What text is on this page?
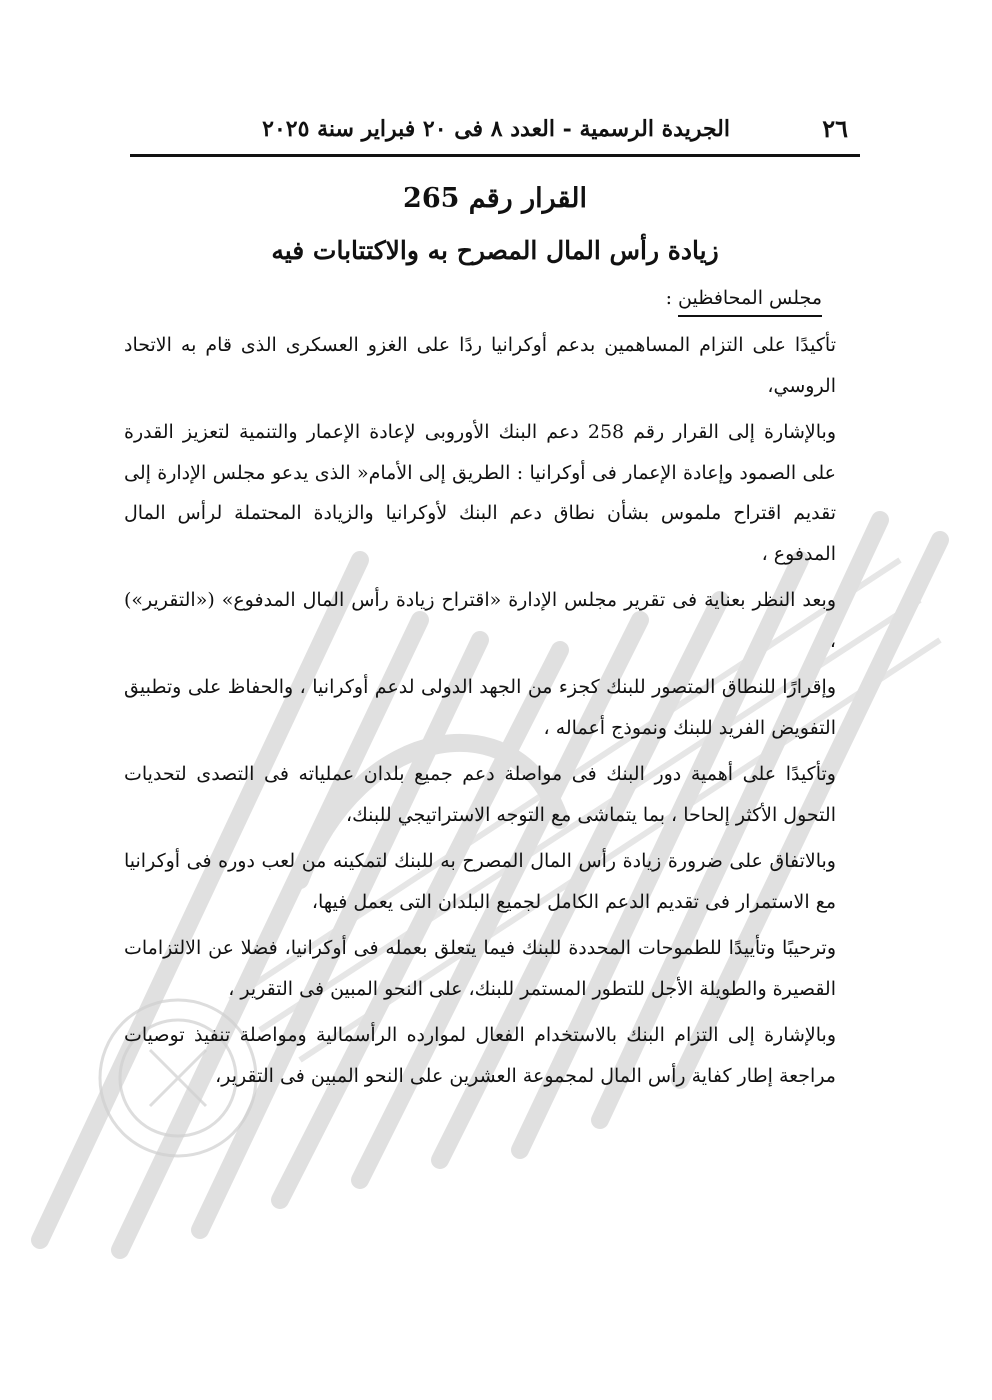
٢٦
الجريدة الرسمية - العدد ٨ فى ٢٠ فبراير سنة ٢٠٢٥
القرار رقم 265
زيادة رأس المال المصرح به والاكتتابات فيه
مجلس المحافظين :

تأكيدًا على التزام المساهمين بدعم أوكرانيا ردًا على الغزو العسكرى الذى قام به الاتحاد الروسي،

وبالإشارة إلى القرار رقم 258 دعم البنك الأوروبى لإعادة الإعمار والتنمية لتعزيز القدرة على الصمود وإعادة الإعمار فى أوكرانيا : الطريق إلى الأمام« الذى يدعو مجلس الإدارة إلى تقديم اقتراح ملموس بشأن نطاق دعم البنك لأوكرانيا والزيادة المحتملة لرأس المال المدفوع ،

وبعد النظر بعناية فى تقرير مجلس الإدارة «اقتراح زيادة رأس المال المدفوع» («التقرير») ،

وإقرارًا للنطاق المتصور للبنك كجزء من الجهد الدولى لدعم أوكرانيا ، والحفاظ على وتطبيق التفويض الفريد للبنك ونموذج أعماله ،

وتأكيدًا على أهمية دور البنك فى مواصلة دعم جميع بلدان عملياته فى التصدى لتحديات التحول الأكثر إلحاحا ، بما يتماشى مع التوجه الاستراتيجي للبنك،

وبالاتفاق على ضرورة زيادة رأس المال المصرح به للبنك لتمكينه من لعب دوره فى أوكرانيا مع الاستمرار فى تقديم الدعم الكامل لجميع البلدان التى يعمل فيها،

وترحيبًا وتأييدًا للطموحات المحددة للبنك فيما يتعلق بعمله فى أوكرانيا، فضلا عن الالتزامات القصيرة والطويلة الأجل للتطور المستمر للبنك، على النحو المبين فى التقرير ،

وبالإشارة إلى التزام البنك بالاستخدام الفعال لموارده الرأسمالية ومواصلة تنفيذ توصيات مراجعة إطار كفاية رأس المال لمجموعة العشرين على النحو المبين فى التقرير،
